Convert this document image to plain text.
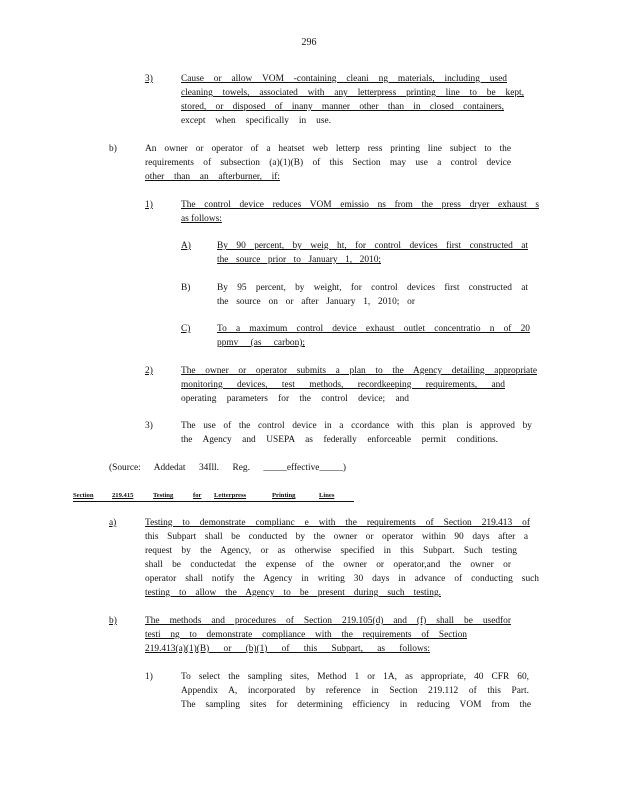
296
3)	Cause or allow VOM -containing cleani ng materials, including used
cleaning towels, associated with any letterpress printing line to be kept,
stored, or disposed of inany manner other than in closed containers,
except when specifically in use.
b)	An owner or operator of a heatset web letterp ress printing line subject to the
requirements of subsection (a)(1)(B) of this Section may use a control device
other than an afterburner, if:
1)	The control device reduces VOM emissio ns from the press dryer exhaust s
as follows:
A)	By 90 percent, by weig ht, for control devices first constructed at
the source prior to January 1, 2010;
B)	By 95 percent, by weight, for control devices first constructed at
the source on or after January 1, 2010; or
C)	To a maximum control device exhaust outlet concentratio n of 20
ppmv (as carbon);
2)	The owner or operator submits a plan to the Agency detailing appropriate
monitoring devices, test methods, recordkeeping requirements, and
operating parameters for the control device; and
3)	The use of the control device in a ccordance with this plan is approved by
the Agency and USEPA as federally enforceable permit conditions.
(Source: Addedat 34Ill. Reg. _____effective_____)
Section	219.415	Testing	for Letterpress	Printing	Lines
a)	Testing to demonstrate complianc e with the requirements of Section 219.413 of
this Subpart shall be conducted by the owner or operator within 90 days after a
request by the Agency, or as otherwise specified in this Subpart. Such testing
shall be conductedat the expense of the owner or operator,and the owner or
operator shall notify the Agency in writing 30 days in advance of conducting such
testing to allow the Agency to be present during such testing.
b)	The methods and procedures of Section 219.105(d) and (f) shall be usedfor
testi ng to demonstrate compliance with the requirements of Section
219.413(a)(1)(B) or (b)(1) of this Subpart, as follows:
1)	To select the sampling sites, Method 1 or 1A, as appropriate, 40 CFR 60,
Appendix A, incorporated by reference in Section 219.112 of this Part.
The sampling sites for determining efficiency in reducing VOM from the
